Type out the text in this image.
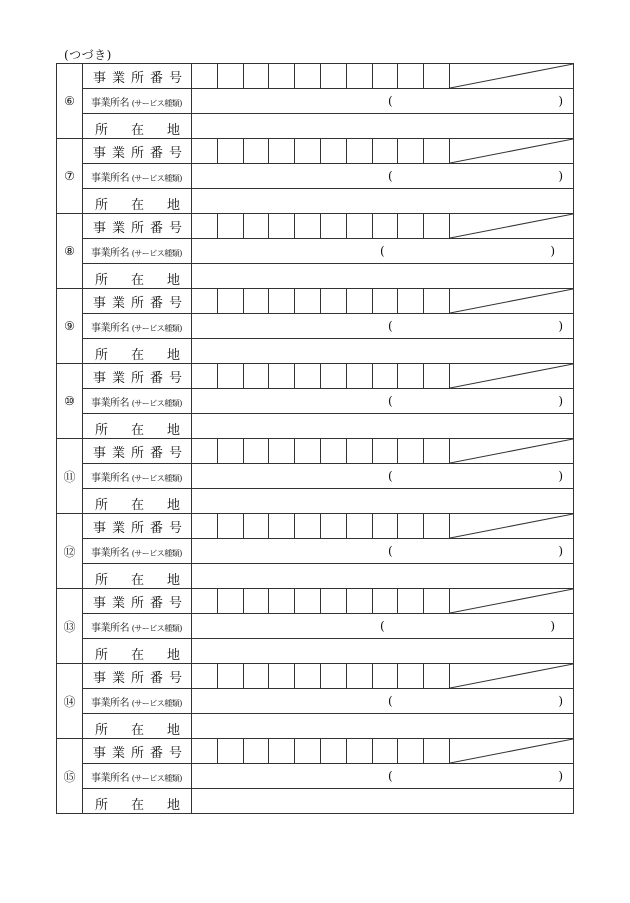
(つづき)
⑥	事業所番号											

	事業所名 (サービス種類)	( )										

	所 在 地											

⑦	事業所番号											

	事業所名 (サービス種類)	( )										

	所 在 地											

⑧	事業所番号											

	事業所名 (サービス種類)	( )										

	所 在 地											

⑨	事業所番号											

	事業所名 (サービス種類)	( )										

	所 在 地											

⑩	事業所番号											

	事業所名 (サービス種類)	( )										

	所 在 地											

⑪	事業所番号											

	事業所名 (サービス種類)	( )										

	所 在 地											

⑫	事業所番号											

	事業所名 (サービス種類)	( )										

	所 在 地											

⑬	事業所番号											

	事業所名 (サービス種類)	( )										

	所 在 地											

⑭	事業所番号											

	事業所名 (サービス種類)	( )										

	所 在 地											

⑮	事業所番号											

	事業所名 (サービス種類)	( )										

	所 在 地											
